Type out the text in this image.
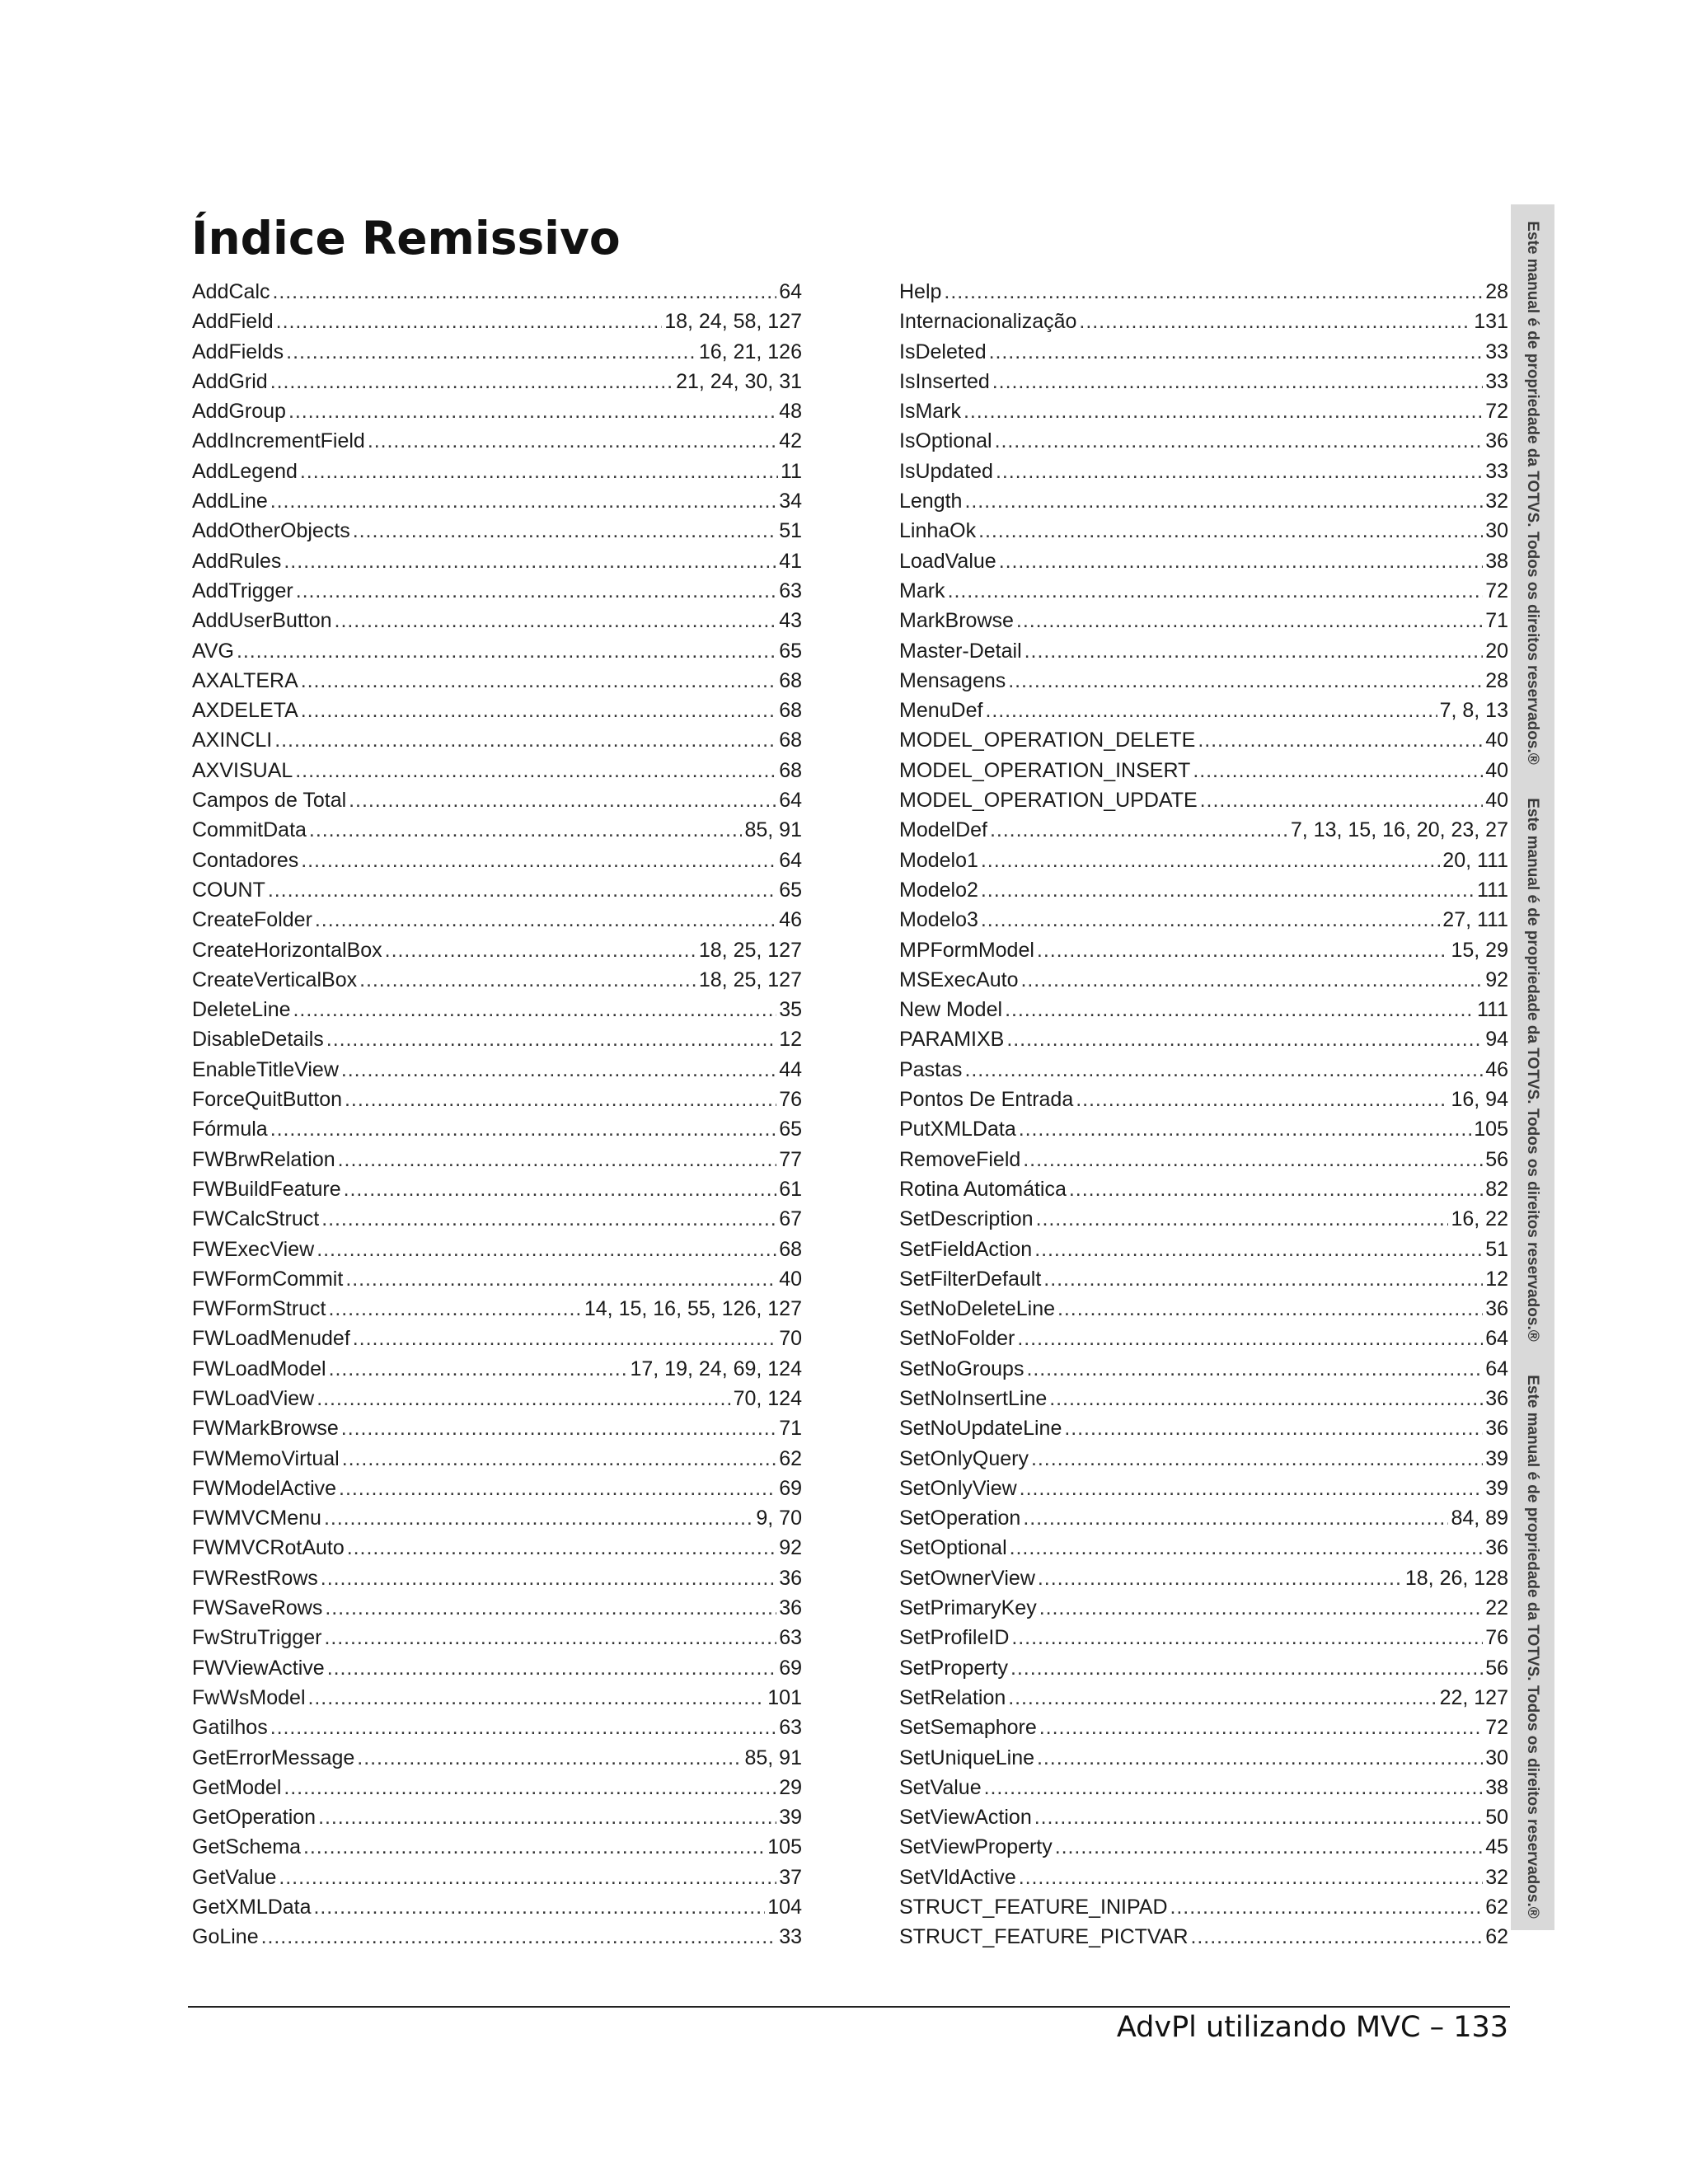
Índice Remissivo
AddCalc . . .	64
AddField . . .	18, 24, 58, 127
AddFields . . .	16, 21, 126
AddGrid . . .	21, 24, 30, 31
AddGroup . . .	48
AddIncrementField . . .	42
AddLegend . . .	11
AddLine . . .	34
AddOtherObjects . . .	51
AddRules . . .	41
AddTrigger . . .	63
AddUserButton . . .	43
AVG . . .	65
AXALTERA . . .	68
AXDELETA . . .	68
AXINCLI . . .	68
AXVISUAL . . .	68
Campos de Total . . .	64
CommitData . . .	85, 91
Contadores . . .	64
COUNT . . .	65
CreateFolder . . .	46
CreateHorizontalBox . . .	18, 25, 127
CreateVerticalBox . . .	18, 25, 127
DeleteLine . . .	35
DisableDetails . . .	12
EnableTitleView . . .	44
ForceQuitButton . . .	76
Fórmula . . .	65
FWBrwRelation . . .	77
FWBuildFeature . . .	61
FWCalcStruct . . .	67
FWExecView . . .	68
FWFormCommit . . .	40
FWFormStruct . . .	14, 15, 16, 55, 126, 127
FWLoadMenudef . . .	70
FWLoadModel . . .	17, 19, 24, 69, 124
FWLoadView . . .	70, 124
FWMarkBrowse . . .	71
FWMemoVirtual . . .	62
FWModelActive . . .	69
FWMVCMenu . . .	9, 70
FWMVCRotAuto . . .	92
FWRestRows . . .	36
FWSaveRows . . .	36
FwStruTrigger . . .	63
FWViewActive . . .	69
FwWsModel . . .	101
Gatilhos . . .	63
GetErrorMessage . . .	85, 91
GetModel . . .	29
GetOperation . . .	39
GetSchema . . .	105
GetValue . . .	37
GetXMLData . . .	104
GoLine . . .	33
Help . . .	28
Internacionalização . . .	131
IsDeleted . . .	33
IsInserted . . .	33
IsMark . . .	72
IsOptional . . .	36
IsUpdated . . .	33
Length . . .	32
LinhaOk . . .	30
LoadValue . . .	38
Mark . . .	72
MarkBrowse . . .	71
Master-Detail . . .	20
Mensagens . . .	28
MenuDef . . .	7, 8, 13
MODEL_OPERATION_DELETE . . .	40
MODEL_OPERATION_INSERT . . .	40
MODEL_OPERATION_UPDATE . . .	40
ModelDef . . .	7, 13, 15, 16, 20, 23, 27
Modelo1 . . .	20, 111
Modelo2 . . .	111
Modelo3 . . .	27, 111
MPFormModel . . .	15, 29
MSExecAuto . . .	92
New Model . . .	111
PARAMIXB . . .	94
Pastas . . .	46
Pontos De Entrada . . .	16, 94
PutXMLData . . .	105
RemoveField . . .	56
Rotina Automática . . .	82
SetDescription . . .	16, 22
SetFieldAction . . .	51
SetFilterDefault . . .	12
SetNoDeleteLine . . .	36
SetNoFolder . . .	64
SetNoGroups . . .	64
SetNoInsertLine . . .	36
SetNoUpdateLine . . .	36
SetOnlyQuery . . .	39
SetOnlyView . . .	39
SetOperation . . .	84, 89
SetOptional . . .	36
SetOwnerView . . .	18, 26, 128
SetPrimaryKey . . .	22
SetProfileID . . .	76
SetProperty . . .	56
SetRelation . . .	22, 127
SetSemaphore . . .	72
SetUniqueLine . . .	30
SetValue . . .	38
SetViewAction . . .	50
SetViewProperty . . .	45
SetVldActive . . .	32
STRUCT_FEATURE_INIPAD . . .	62
STRUCT_FEATURE_PICTVAR . . .	62
Este manual é de propriedade da TOTVS. Todos os direitos reservados.®
Este manual é de propriedade da TOTVS. Todos os direitos reservados.®
Este manual é de propriedade da TOTVS. Todos os direitos reservados.®
AdvPl utilizando MVC – 133
